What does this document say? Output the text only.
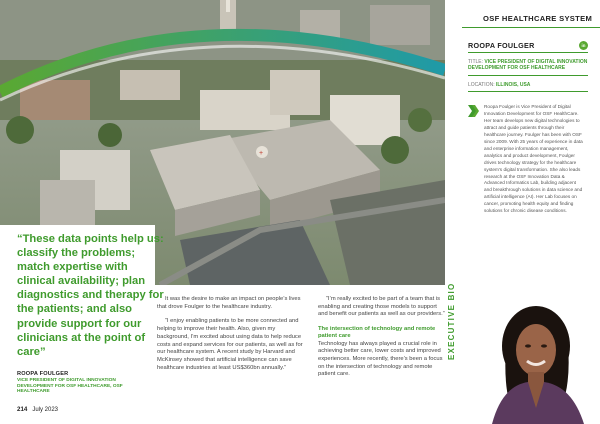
+
“These data points help us: classify the problems; match expertise with clinical availability; plan diagnostics and therapy for the patients; and also provide support for our clinicians at the point of care”
ROOPA FOULGER
VICE PRESIDENT OF DIGITAL INNOVATION DEVELOPMENT FOR OSF HEALTHCARE, OSF HEALTHCARE
214 July 2023

It was the desire to make an impact on people’s lives that drove Foulger to the healthcare industry.

“I enjoy enabling patients to be more connected and helping to improve their health. Also, given my background, I’m excited about using data to help reduce costs and expand services for our patients, as well as for our healthcare system. A recent study by Harvard and McKinsey showed that artificial intelligence can save healthcare industries at least US$360bn annually.”

“I’m really excited to be part of a team that is enabling and creating those models to support and benefit our patients as well as our providers.”

The intersection of technology and remote patient care

Technology has always played a crucial role in achieving better care, lower costs and improved experiences. More recently, there’s been a focus on the intersection of technology and remote patient care.

OSF HEALTHCARE SYSTEM
ROOPA FOULGER	in
TITLE: VICE PRESIDENT OF DIGITAL INNOVATION DEVELOPMENT FOR OSF HEALTHCARE
LOCATION: ILLINOIS, USA
Roopa Foulger is Vice President of Digital Innovation Development for OSF HealthCare. Her team develops new digital technologies to attract and guide patients through their healthcare journey. Foulger has been with OSF since 2009. With 25 years of experience in data and enterprise information management, analytics and product development, Foulger drives technology strategy for the healthcare system’s digital transformation. She also leads research at the OSF Innovation Data & Advanced Informatics Lab, building adjacent and breakthrough solutions in data science and artificial intelligence (AI). Her Lab focuses on cancer, promoting health equity and finding solutions for chronic disease conditions.
EXECUTIVE BIO
